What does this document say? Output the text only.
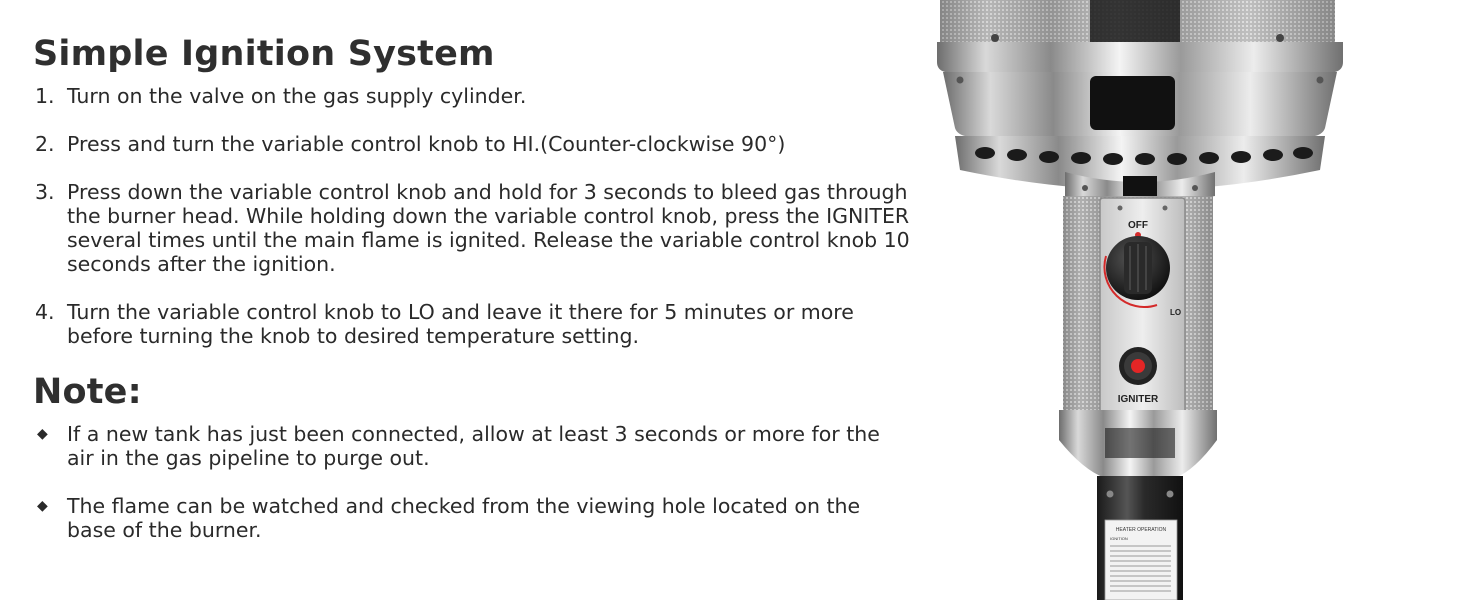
Simple Ignition System
1. Turn on the valve on the gas supply cylinder.
2. Press and turn the variable control knob to HI.(Counter-clockwise 90°)
3. Press down the variable control knob and hold for 3 seconds to bleed gas through the burner head. While holding down the variable control knob, press the IGNITER several times until the main flame is ignited. Release the variable control knob 10 seconds after the ignition.
4. Turn the variable control knob to LO and leave it there for 5 minutes or more before turning the knob to desired temperature setting.
Note:
◆ If a new tank has just been connected, allow at least 3 seconds or more for the air in the gas pipeline to purge out.
◆ The flame can be watched and checked from the viewing hole located on the base of the burner.
OFF
LO
IGNITER
HEATER OPERATION
IGNITION
